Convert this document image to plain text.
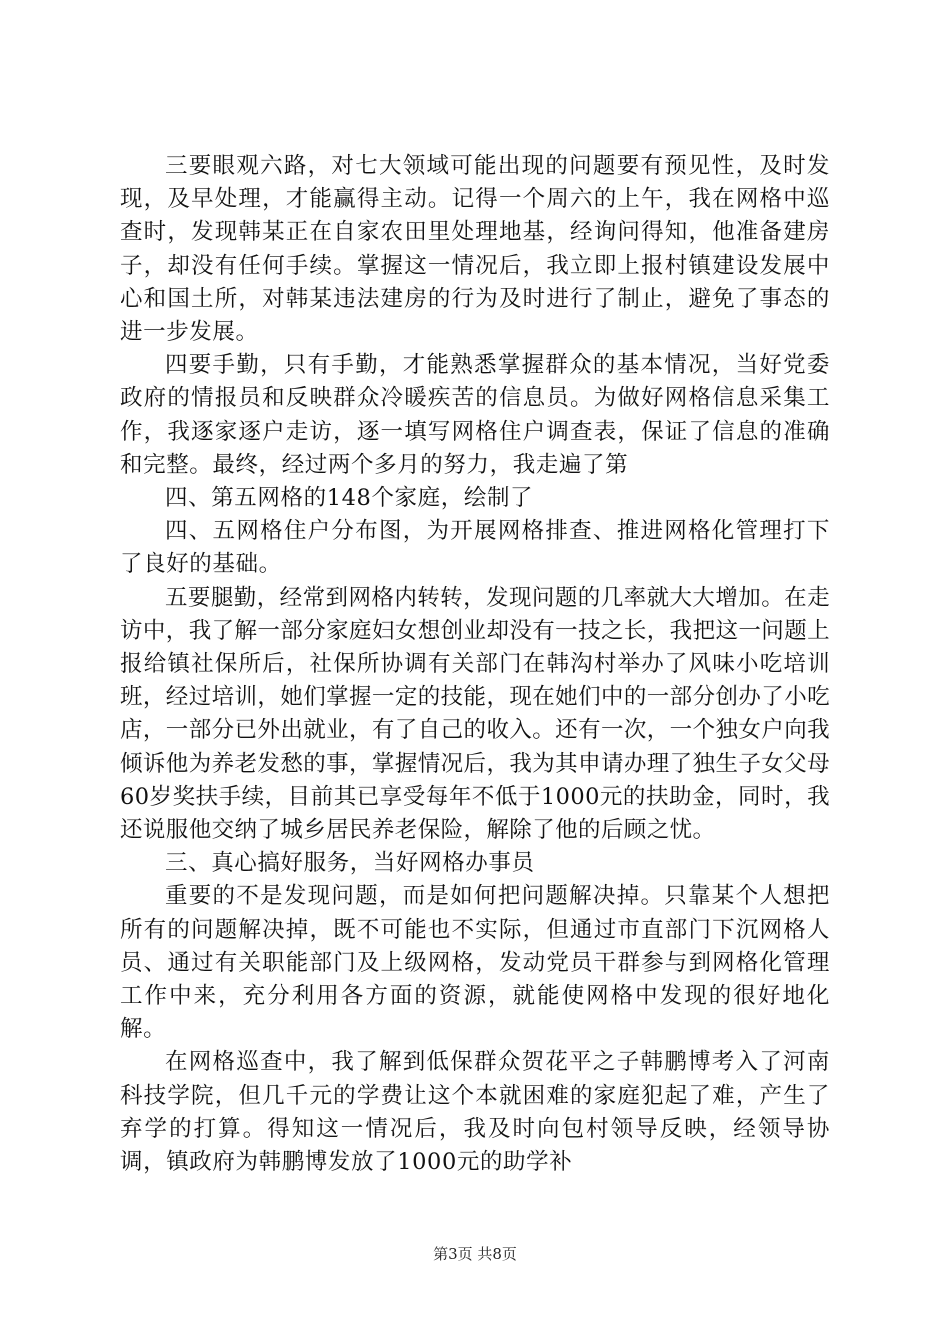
三要眼观六路，对七大领域可能出现的问题要有预见性，及时发现，及早处理，才能赢得主动。记得一个周六的上午，我在网格中巡查时，发现韩某正在自家农田里处理地基，经询问得知，他准备建房子，却没有任何手续。掌握这一情况后，我立即上报村镇建设发展中心和国土所，对韩某违法建房的行为及时进行了制止，避免了事态的进一步发展。

四要手勤，只有手勤，才能熟悉掌握群众的基本情况，当好党委政府的情报员和反映群众冷暖疾苦的信息员。为做好网格信息采集工作，我逐家逐户走访，逐一填写网格住户调查表，保证了信息的准确和完整。最终，经过两个多月的努力，我走遍了第

四、第五网格的148个家庭，绘制了

四、五网格住户分布图，为开展网格排查、推进网格化管理打下了良好的基础。

五要腿勤，经常到网格内转转，发现问题的几率就大大增加。在走访中，我了解一部分家庭妇女想创业却没有一技之长，我把这一问题上报给镇社保所后，社保所协调有关部门在韩沟村举办了风味小吃培训班，经过培训，她们掌握一定的技能，现在她们中的一部分创办了小吃店，一部分已外出就业，有了自己的收入。还有一次，一个独女户向我倾诉他为养老发愁的事，掌握情况后，我为其申请办理了独生子女父母60岁奖扶手续，目前其已享受每年不低于1000元的扶助金，同时，我还说服他交纳了城乡居民养老保险，解除了他的后顾之忧。

三、真心搞好服务，当好网格办事员

重要的不是发现问题，而是如何把问题解决掉。只靠某个人想把所有的问题解决掉，既不可能也不实际，但通过市直部门下沉网格人员、通过有关职能部门及上级网格，发动党员干群参与到网格化管理工作中来，充分利用各方面的资源，就能使网格中发现的很好地化解。

在网格巡查中，我了解到低保群众贺花平之子韩鹏博考入了河南科技学院，但几千元的学费让这个本就困难的家庭犯起了难，产生了弃学的打算。得知这一情况后，我及时向包村领导反映，经领导协调，镇政府为韩鹏博发放了1000元的助学补

第3页 共8页
